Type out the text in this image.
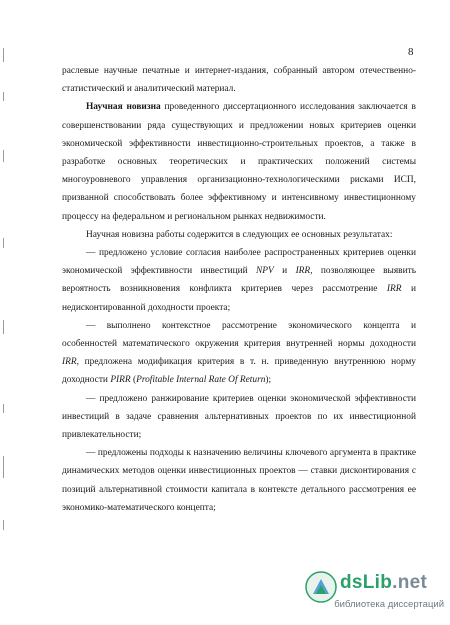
8

раслевые научные печатные и интернет-издания, собранный автором отечественно-статистический и аналитический материал.

Научная новизна проведенного диссертационного исследования заключается в совершенствовании ряда существующих и предложении новых критериев оценки экономической эффективности инвестиционно-строительных проектов, а также в разработке основных теоретических и практических положений системы многоуровневого управления организационно-технологическими рисками ИСП, призванной способствовать более эффективному и интенсивному инвестиционному процессу на федеральном и региональном рынках недвижимости.

Научная новизна работы содержится в следующих ее основных результатах:

— предложено условие согласия наиболее распространенных критериев оценки экономической эффективности инвестиций NPV и IRR, позволяющее выявить вероятность возникновения конфликта критериев через рассмотрение IRR и недисконтированной доходности проекта;

— выполнено контекстное рассмотрение экономического концепта и особенностей математического окружения критерия внутренней нормы доходности IRR, предложена модификация критерия в т. н. приведенную внутреннюю норму доходности PIRR (Profitable Internal Rate Of Return);

— предложено ранжирование критериев оценки экономической эффективности инвестиций в задаче сравнения альтернативных проектов по их инвестиционной привлекательности;

— предложены подходы к назначению величины ключевого аргумента в практике динамических методов оценки инвестиционных проектов — ставки дисконтирования с позиций альтернативной стоимости капитала в контексте детального рассмотрения ее экономико-математического концепта;

dsLib.net
библиотека диссертаций
